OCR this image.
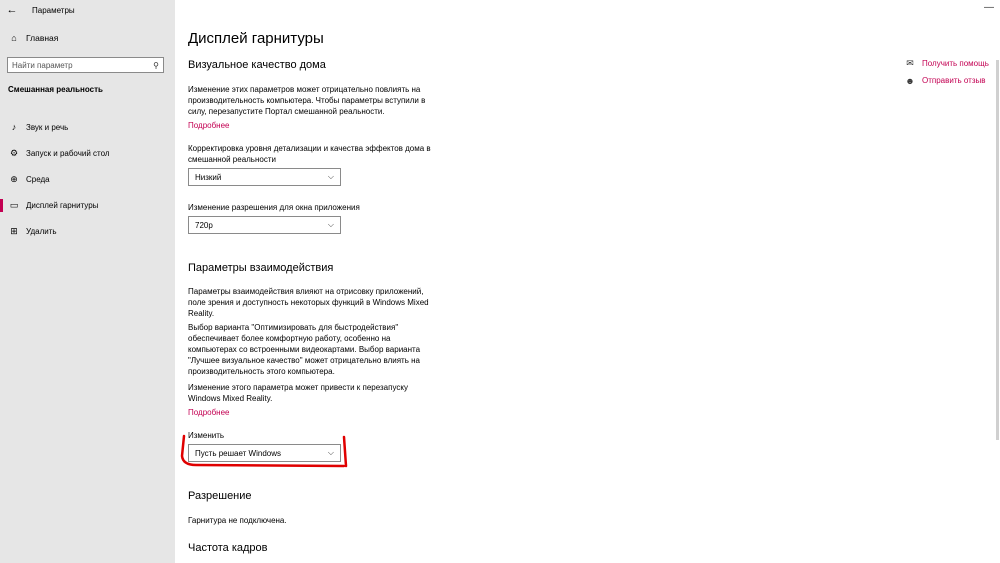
←	Параметры
⌂	Главная
Найти параметр
⚲
Смешанная реальность
♪	Звук и речь
⚙ Запуск и рабочий стол
⊕ Среда
▭ Дисплей гарнитуры
⊞ Удалить
Дисплей гарнитуры
Визуальное качество дома
Изменение этих параметров может отрицательно повлиять на производительность компьютера. Чтобы параметры вступили в силу, перезапустите Портал смешанной реальности.
Подробнее
Корректировка уровня детализации и качества эффектов дома в смешанной реальности
Низкий	⌵
Изменение разрешения для окна приложения
720p	⌵
Параметры взаимодействия
Параметры взаимодействия влияют на отрисовку приложений, поле зрения и доступность некоторых функций в Windows Mixed Reality.
Выбор варианта "Оптимизировать для быстродействия" обеспечивает более комфортную работу, особенно на компьютерах со встроенными видеокартами. Выбор варианта "Лучшее визуальное качество" может отрицательно влиять на производительность этого компьютера.
Изменение этого параметра может привести к перезапуску Windows Mixed Reality.
Подробнее
Изменить
Пусть решает Windows	⌵
Разрешение
Гарнитура не подключена.
Частота кадров
✉ Получить помощь
☻ Отправить отзыв
—
